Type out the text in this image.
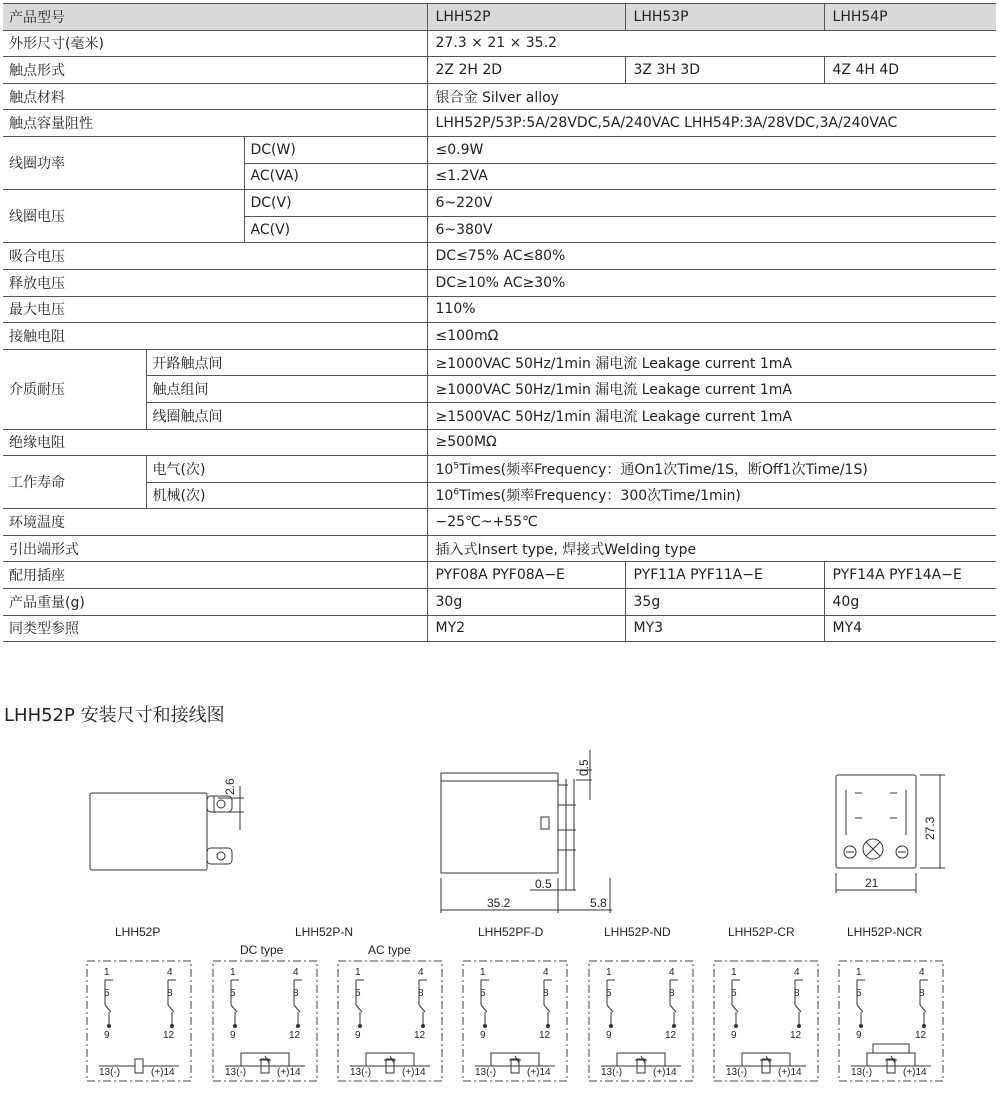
产品型号			LHH52P	LHH53P	LHH54P
外形尺寸(毫米)			27.3 × 21 × 35.2		
触点形式			2Z 2H 2D	3Z 3H 3D	4Z 4H 4D
触点材料			银合金 Silver alloy		
触点容量阻性			LHH52P/53P:5A/28VDC,5A/240VAC LHH54P:3A/28VDC,3A/240VAC		
线圈功率		DC(W)	≤0.9W		
		AC(VA)	≤1.2VA		
线圈电压		DC(V)	6~220V		
		AC(V)	6~380V		
吸合电压			DC≤75% AC≤80%		
释放电压			DC≥10% AC≥30%		
最大电压			110%		
接触电阻			≤100mΩ		
介质耐压	开路触点间		≥1000VAC 50Hz/1min 漏电流 Leakage current 1mA		
	触点组间		≥1000VAC 50Hz/1min 漏电流 Leakage current 1mA		
	线圈触点间		≥1500VAC 50Hz/1min 漏电流 Leakage current 1mA		
绝缘电阻			≥500MΩ		
工作寿命	电气(次)		$10^5Times$(频率Frequency：通On1次Time/1S，断Off1次Time/1S)		
	机械(次)		$10^6Times$(频率Frequency：300次Time/1min)		
环境温度			−25℃~+55℃		
引出端形式			插入式Insert type, 焊接式Welding type		
配用插座			PYF08A PYF08A−E	PYF11A PYF11A−E	PYF14A PYF14A−E
产品重量(g)			30g	35g	40g
同类型参照			MY2	MY3	MY4
LHH52P 安装尺寸和接线图
2.6
0.5
0.5
35.2	5.8
27.3
21
LHH52P	LHH52P-N	LHH52PF-D	LHH52P-ND	LHH52P-CR	LHH52P-NCR
DC type	AC type
1	4
5	8
9	12
13(-)	(+)14
1	4
5	8
9	12
13(-)	(+)14
1	4
5	8
9	12
13(-)	(+)14
1	4
5	8
9	12
13(-)	(+)14
1	4
5	8
9	12
13(-)	(+)14
1	4
5	8
9	12
13(-)	(+)14
1	4
5	8
9	12
13(-)	(+)14
